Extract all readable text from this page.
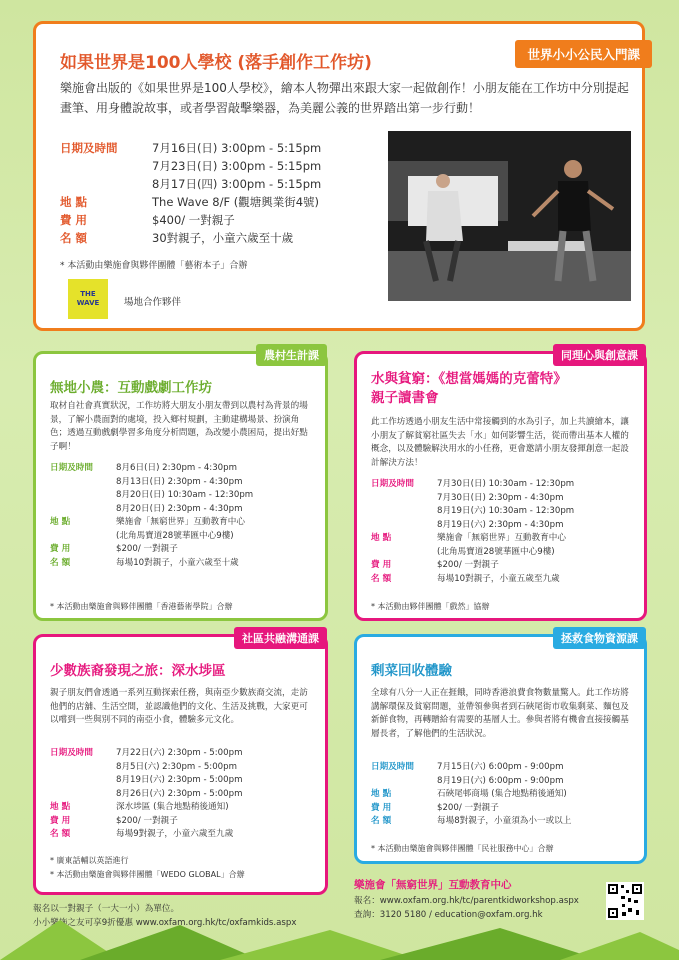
世界小小公民入門課
如果世界是100人學校 (落手創作工作坊)
樂施會出版的《如果世界是100人學校》，繪本人物彈出來跟大家一起做創作！小朋友能在工作坊中分別提起畫筆、用身體說故事，或者學習敲擊樂器，為美麗公義的世界踏出第一步行動！
日期及時間	7月16日(日) 3:00pm - 5:15pm
7月23日(日) 3:00pm - 5:15pm
8月17日(四) 3:00pm - 5:15pm
地 點	The Wave 8/F (觀塘興業街4號)
費 用	$400/ 一對親子
名 額	30對親子，小童六歲至十歲
* 本活動由樂施會與夥伴團體「藝術本子」合辦
THE WAVE	場地合作夥伴
農村生計課
無地小農：互動戲劇工作坊
取材自社會真實狀況，工作坊將大朋友小朋友帶到以農村為背景的場景，了解小農面對的處境，投入鄉村規劃，主動建構場景、扮演角色；透過互動戲劇學習多角度分析問題，為改變小農困局，提出好點子啊！
日期及時間	8月6日(日) 2:30pm - 4:30pm
8月13日(日) 2:30pm - 4:30pm
8月20日(日) 10:30am - 12:30pm
8月20日(日) 2:30pm - 4:30pm
地 點	樂施會「無窮世界」互動教育中心
(北角馬寶道28號華匯中心9樓)
費 用	$200/ 一對親子
名 額	每場10對親子，小童六歲至十歲
* 本活動由樂施會與夥伴團體「香港藝術學院」合辦
同理心與創意課
水與貧窮：《想當媽媽的克蕾特》
親子讀書會
此工作坊透過小朋友生活中常接觸到的水為引子，加上共讀繪本，讓小朋友了解貧窮社區失去「水」如何影響生活，從而帶出基本人權的概念，以及體驗解決用水的小任務，更會邀請小朋友發揮創意一起設計解決方法！
日期及時間	7月30日(日) 10:30am - 12:30pm
7月30日(日) 2:30pm - 4:30pm
8月19日(六) 10:30am - 12:30pm
8月19日(六) 2:30pm - 4:30pm
地 點	樂施會「無窮世界」互動教育中心
(北角馬寶道28號華匯中心9樓)
費 用	$200/ 一對親子
名 額	每場10對親子，小童五歲至九歲
* 本活動由夥伴團體「戲然」協辦
社區共融溝通課
少數族裔發現之旅：深水埗區
親子朋友們會透過一系列互動探索任務，與南亞少數族裔交流，走訪他們的店舖、生活空間，並認識他們的文化、生活及挑戰，大家更可以嚐到一些與別不同的南亞小食，體驗多元文化。
日期及時間	7月22日(六) 2:30pm - 5:00pm
8月5日(六) 2:30pm - 5:00pm
8月19日(六) 2:30pm - 5:00pm
8月26日(六) 2:30pm - 5:00pm
地 點	深水埗區 (集合地點稍後通知)
費 用	$200/ 一對親子
名 額	每場9對親子，小童六歲至九歲
* 廣東話輔以英語進行
* 本活動由樂施會與夥伴團體「WEDO GLOBAL」合辦
拯救食物資源課
剩菜回收體驗
全球有八分一人正在捱餓，同時香港浪費食物數量驚人。此工作坊將講解環保及貧窮問題，並帶領參與者到石硤尾街市收集剩菜、麵包及新鮮食物，再轉贈給有需要的基層人士。參與者將有機會直接接觸基層長者，了解他們的生活狀況。
日期及時間	7月15日(六) 6:00pm - 9:00pm
8月19日(六) 6:00pm - 9:00pm
地 點	石硤尾邨商場 (集合地點稍後通知)
費 用	$200/ 一對親子
名 額	每場8對親子，小童須為小一或以上
* 本活動由樂施會與夥伴團體「民社服務中心」合辦
報名以一對親子（一大一小）為單位。
小小樂施之友可享9折優惠 www.oxfam.org.hk/tc/oxfamkids.aspx
樂施會「無窮世界」互動教育中心
報名：www.oxfam.org.hk/tc/parentkidworkshop.aspx
查詢：3120 5180 / education@oxfam.org.hk
